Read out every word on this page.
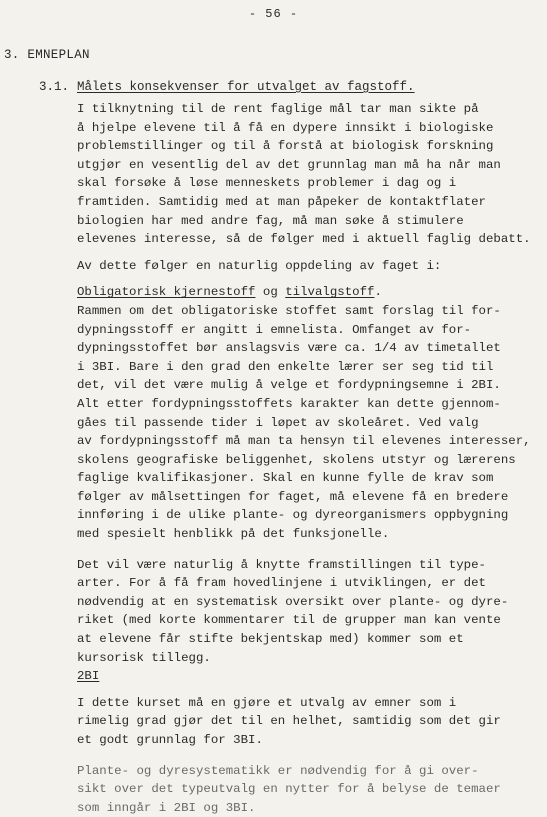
- 56 -
3. EMNEPLAN
3.1. Målets konsekvenser for utvalget av fagstoff.
I tilknytning til de rent faglige mål tar man sikte på
å hjelpe elevene til å få en dypere innsikt i biologiske
problemstillinger og til å forstå at biologisk forskning
utgjør en vesentlig del av det grunnlag man må ha når man
skal forsøke å løse menneskets problemer i dag og i
framtiden. Samtidig med at man påpeker de kontaktflater
biologien har med andre fag, må man søke å stimulere
elevenes interesse, så de følger med i aktuell faglig debatt.
Av dette følger en naturlig oppdeling av faget i:
Obligatorisk kjernestoff og tilvalgstoff.
Rammen om det obligatoriske stoffet samt forslag til for-
dypningsstoff er angitt i emnelista. Omfanget av for-
dypningsstoffet bør anslagsvis være ca. 1/4 av timetallet
i 3BI. Bare i den grad den enkelte lærer ser seg tid til
det, vil det være mulig å velge et fordypningsemne i 2BI.
Alt etter fordypningsstoffets karakter kan dette gjennom-
gåes til passende tider i løpet av skoleåret. Ved valg
av fordypningsstoff må man ta hensyn til elevenes interesser,
skolens geografiske beliggenhet, skolens utstyr og lærerens
faglige kvalifikasjoner. Skal en kunne fylle de krav som
følger av målsettingen for faget, må elevene få en bredere
innføring i de ulike plante- og dyreorganismers oppbygning
med spesielt henblikk på det funksjonelle.
Det vil være naturlig å knytte framstillingen til type-
arter. For å få fram hovedlinjene i utviklingen, er det
nødvendig at en systematisk oversikt over plante- og dyre-
riket (med korte kommentarer til de grupper man kan vente
at elevene får stifte bekjentskap med) kommer som et
kursorisk tillegg.
2BI
I dette kurset må en gjøre et utvalg av emner som i
rimelig grad gjør det til en helhet, samtidig som det gir
et godt grunnlag for 3BI.
Plante- og dyresystematikk er nødvendig for å gi over-
sikt over det typeutvalg en nytter for å belyse de temaer
som inngår i 2BI og 3BI.
